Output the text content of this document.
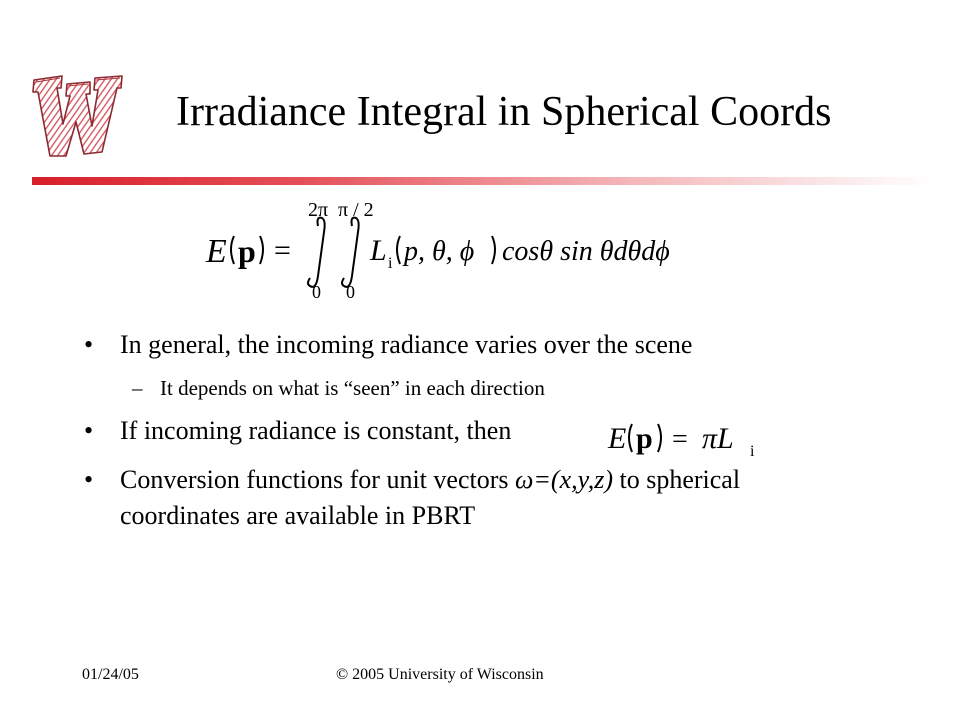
Irradiance Integral in Spherical Coords
E p =
2π
0
π / 2
0
L i p, θ, ϕ cosθ sin θdθdϕ
• In general, the incoming radiance varies over the scene
– It depends on what is “seen” in each direction
• If incoming radiance is constant, then	E p = πL i
• Conversion functions for unit vectors ω=(x,y,z) to spherical
coordinates are available in PBRT
01/24/05	© 2005 University of Wisconsin
